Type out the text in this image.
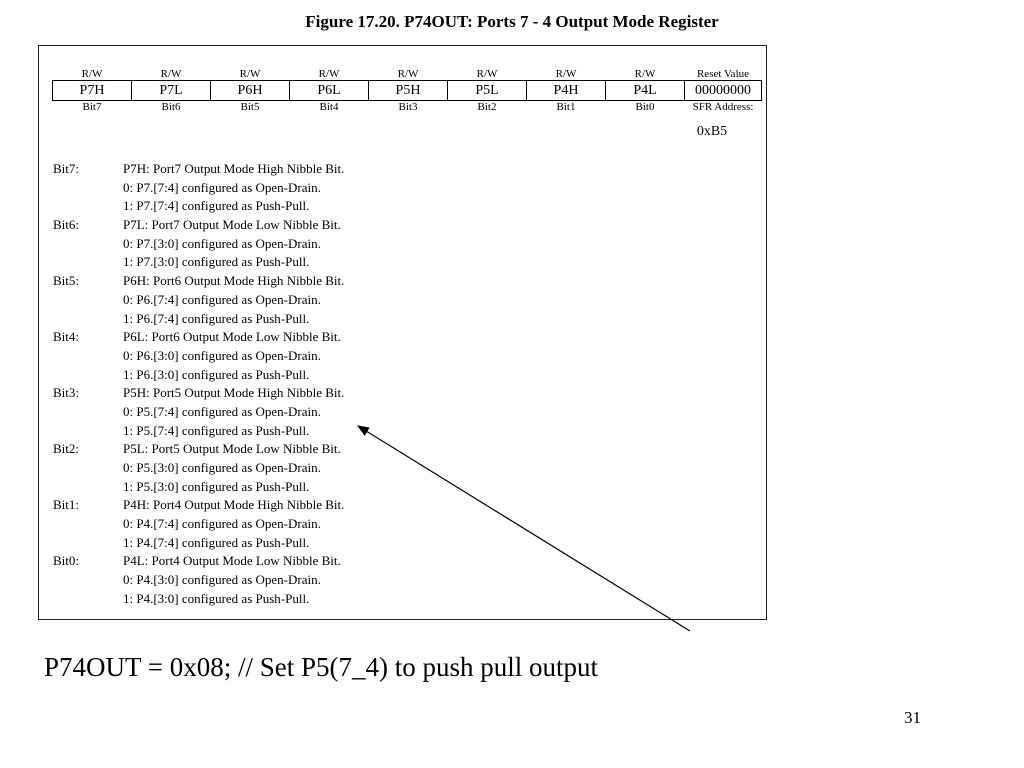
Figure 17.20. P74OUT: Ports 7 - 4 Output Mode Register
R/W	R/W	R/W	R/W	R/W	R/W	R/W	R/W	Reset Value
P7H	P7L	P6H	P6L	P5H	P5L	P4H	P4L	00000000
Bit7	Bit6	Bit5	Bit4	Bit3	Bit2	Bit1	Bit0	SFR Address:
0xB5
Bit7:	P7H: Port7 Output Mode High Nibble Bit.
0: P7.[7:4] configured as Open-Drain.
1: P7.[7:4] configured as Push-Pull.
Bit6:	P7L: Port7 Output Mode Low Nibble Bit.
0: P7.[3:0] configured as Open-Drain.
1: P7.[3:0] configured as Push-Pull.
Bit5:	P6H: Port6 Output Mode High Nibble Bit.
0: P6.[7:4] configured as Open-Drain.
1: P6.[7:4] configured as Push-Pull.
Bit4:	P6L: Port6 Output Mode Low Nibble Bit.
0: P6.[3:0] configured as Open-Drain.
1: P6.[3:0] configured as Push-Pull.
Bit3:	P5H: Port5 Output Mode High Nibble Bit.
0: P5.[7:4] configured as Open-Drain.
1: P5.[7:4] configured as Push-Pull.
Bit2:	P5L: Port5 Output Mode Low Nibble Bit.
0: P5.[3:0] configured as Open-Drain.
1: P5.[3:0] configured as Push-Pull.
Bit1:	P4H: Port4 Output Mode High Nibble Bit.
0: P4.[7:4] configured as Open-Drain.
1: P4.[7:4] configured as Push-Pull.
Bit0:	P4L: Port4 Output Mode Low Nibble Bit.
0: P4.[3:0] configured as Open-Drain.
1: P4.[3:0] configured as Push-Pull.
P74OUT = 0x08; // Set P5(7_4) to push pull output
31
